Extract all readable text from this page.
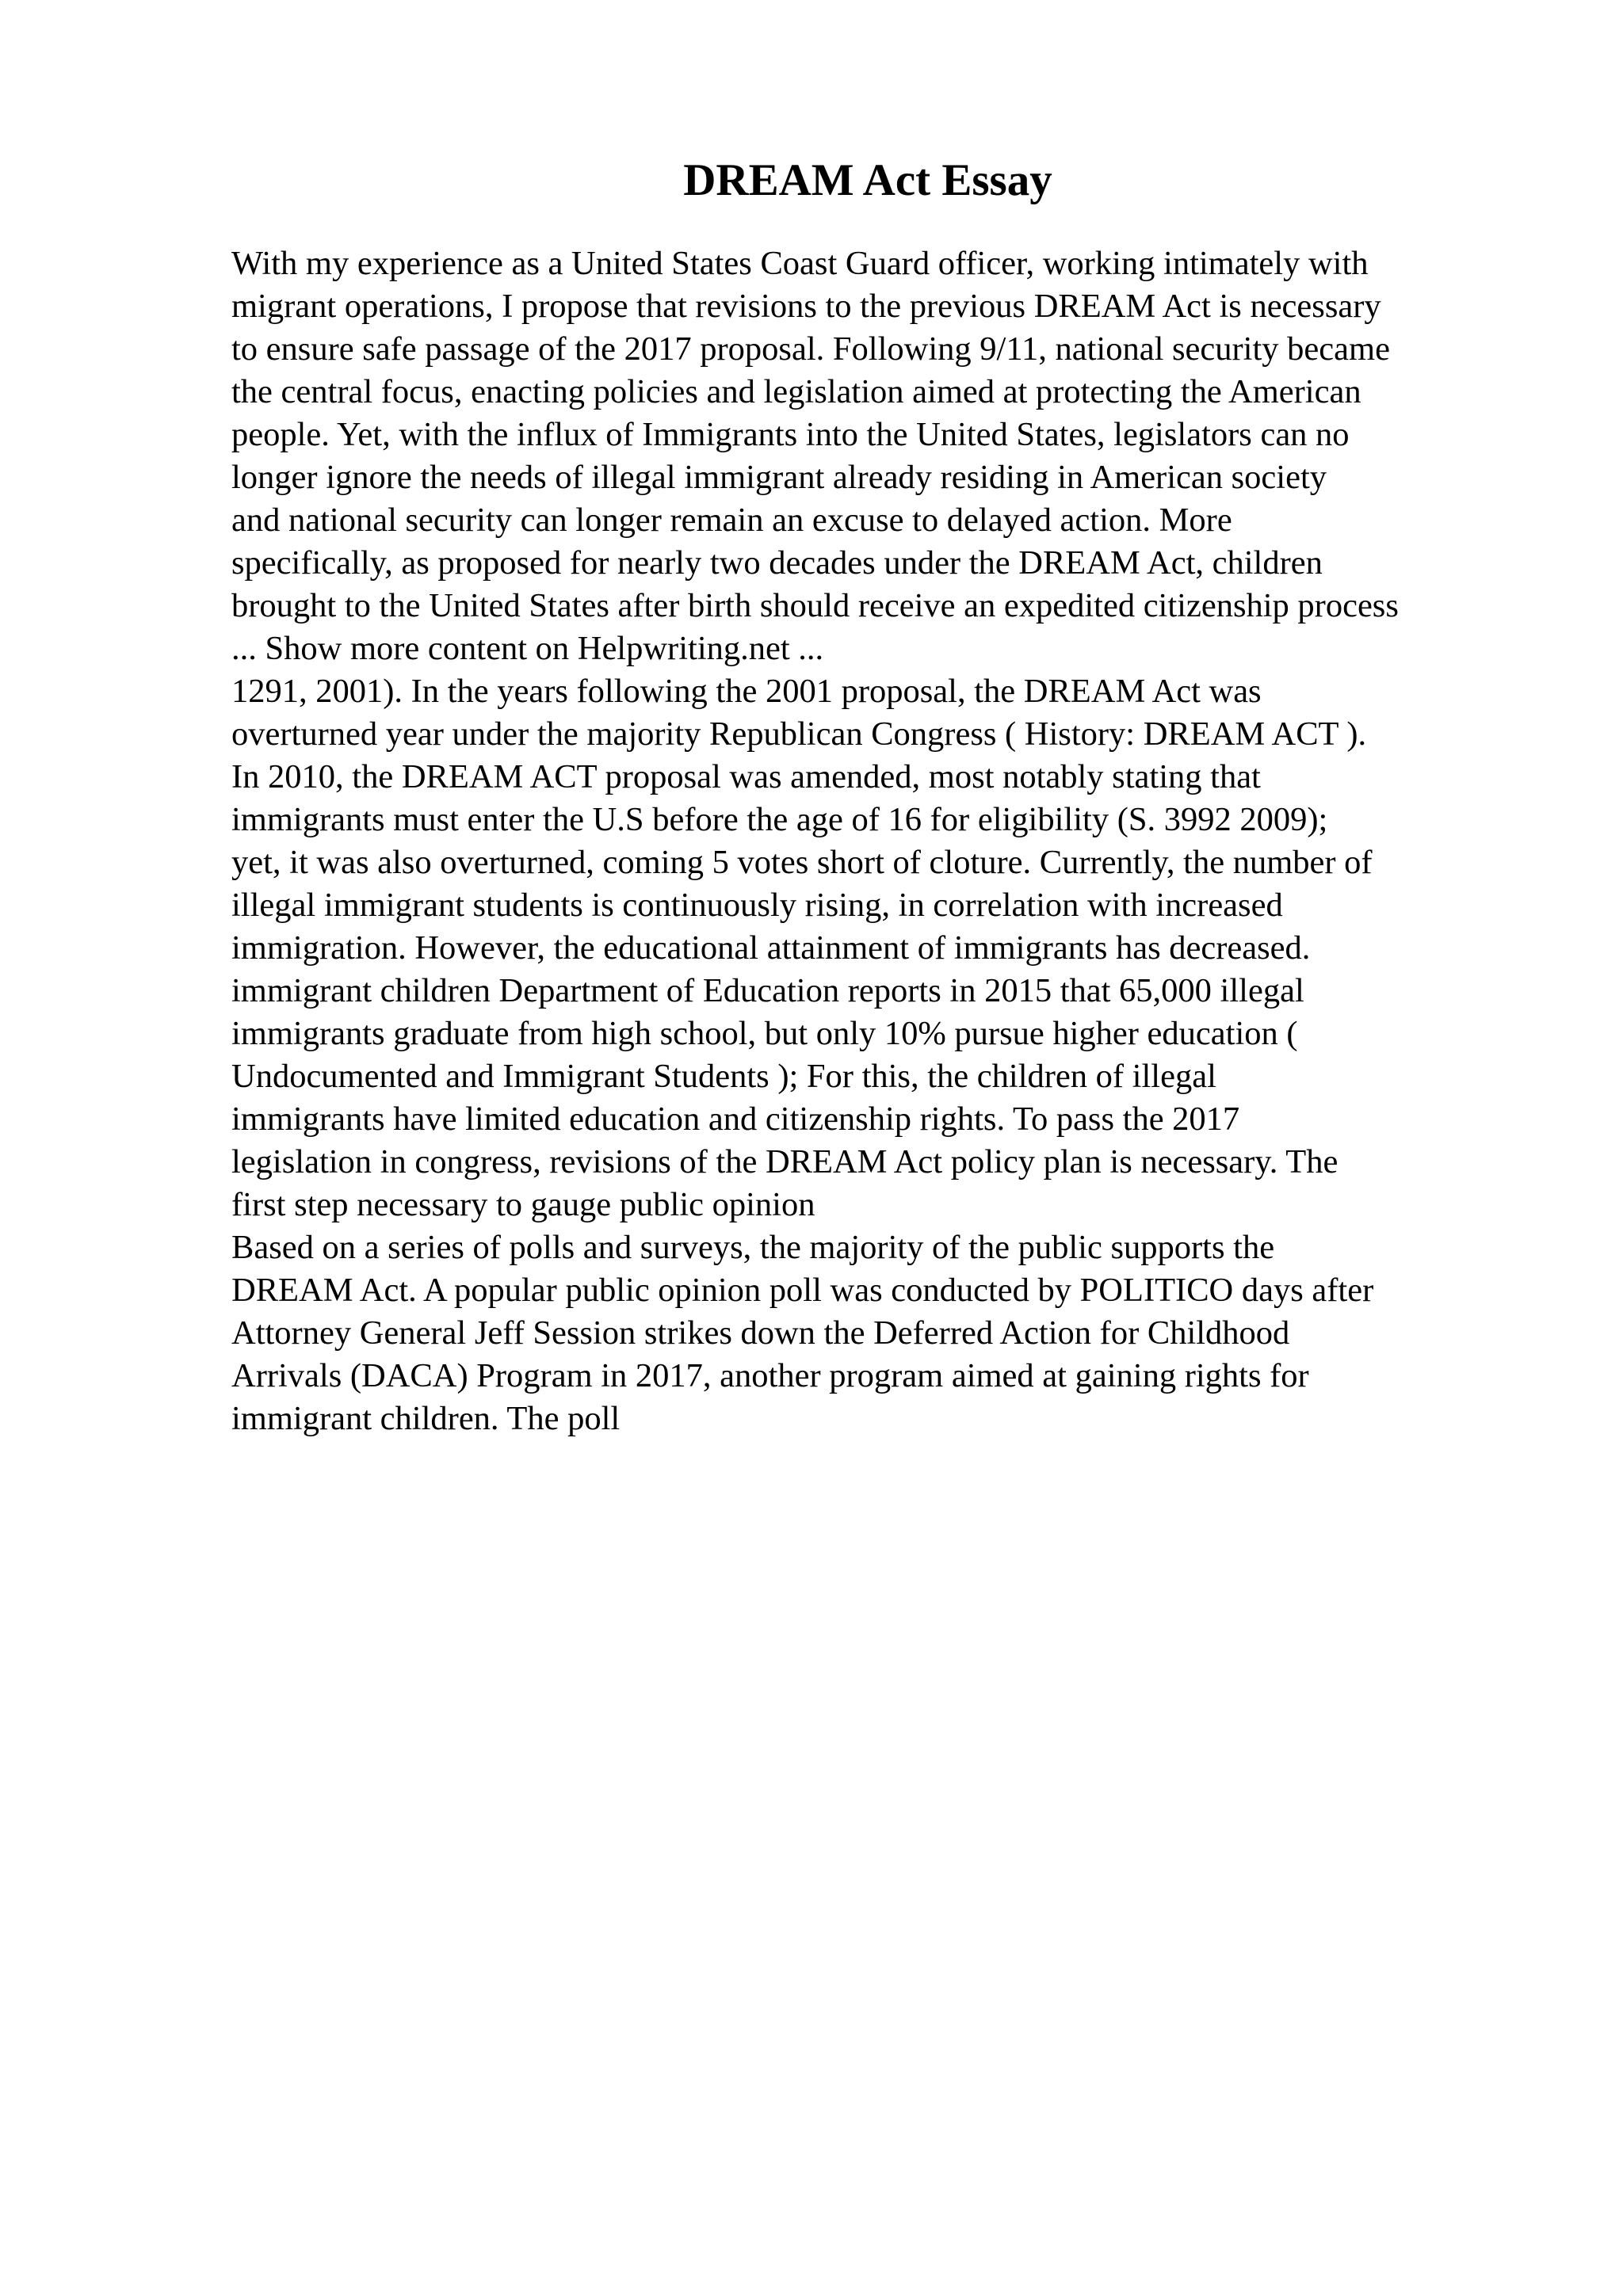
DREAM Act Essay
With my experience as a United States Coast Guard officer, working intimately with
migrant operations, I propose that revisions to the previous DREAM Act is necessary
to ensure safe passage of the 2017 proposal. Following 9/11, national security became
the central focus, enacting policies and legislation aimed at protecting the American
people. Yet, with the influx of Immigrants into the United States, legislators can no
longer ignore the needs of illegal immigrant already residing in American society
and national security can longer remain an excuse to delayed action. More
specifically, as proposed for nearly two decades under the DREAM Act, children
brought to the United States after birth should receive an expedited citizenship process
... Show more content on Helpwriting.net ...
1291, 2001). In the years following the 2001 proposal, the DREAM Act was
overturned year under the majority Republican Congress ( History: DREAM ACT ).
In 2010, the DREAM ACT proposal was amended, most notably stating that
immigrants must enter the U.S before the age of 16 for eligibility (S. 3992 2009);
yet, it was also overturned, coming 5 votes short of cloture. Currently, the number of
illegal immigrant students is continuously rising, in correlation with increased
immigration. However, the educational attainment of immigrants has decreased.
immigrant children Department of Education reports in 2015 that 65,000 illegal
immigrants graduate from high school, but only 10% pursue higher education (
Undocumented and Immigrant Students ); For this, the children of illegal
immigrants have limited education and citizenship rights. To pass the 2017
legislation in congress, revisions of the DREAM Act policy plan is necessary. The
first step necessary to gauge public opinion
Based on a series of polls and surveys, the majority of the public supports the
DREAM Act. A popular public opinion poll was conducted by POLITICO days after
Attorney General Jeff Session strikes down the Deferred Action for Childhood
Arrivals (DACA) Program in 2017, another program aimed at gaining rights for
immigrant children. The poll
